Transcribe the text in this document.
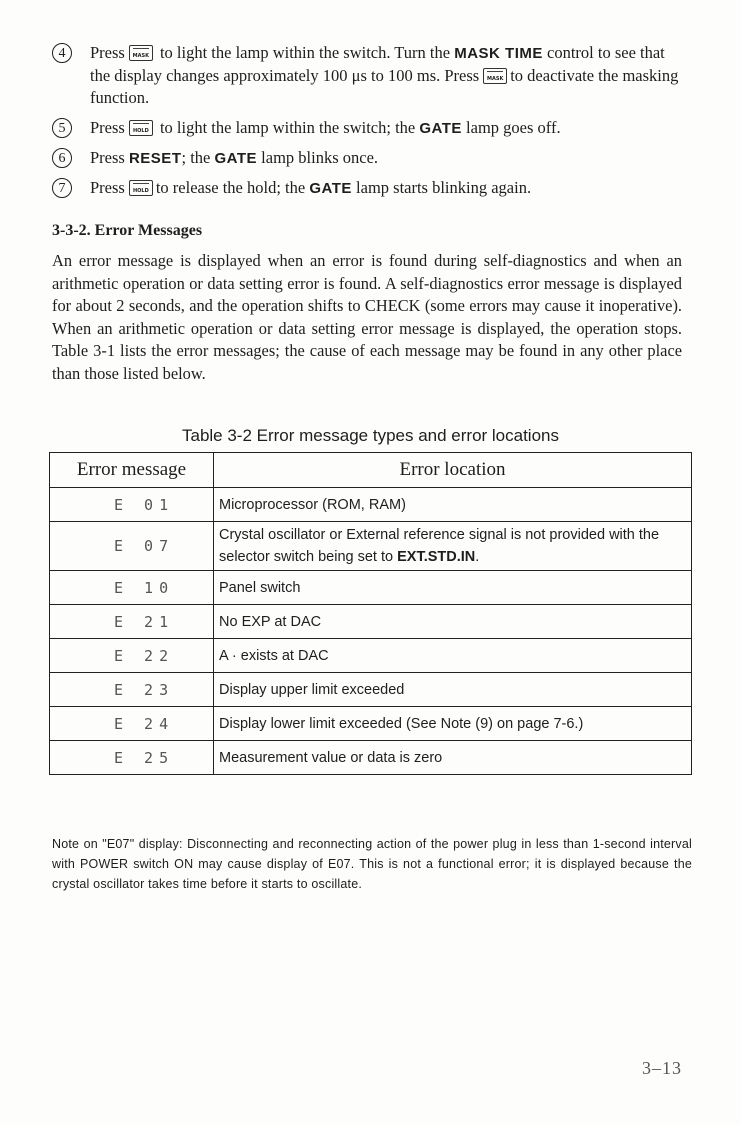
4	Press	MASK to light the lamp within the switch. Turn the MASK TIME control to see that the display changes approximately 100 μs to 100 ms. Press	MASK to deactivate the masking function.
5	Press	HOLD to light the lamp within the switch; the GATE lamp goes off.
6	Press RESET; the GATE lamp blinks once.
7	Press	HOLD to release the hold; the GATE lamp starts blinking again.
3-3-2. Error Messages
An error message is displayed when an error is found during self-diagnostics and when an arithmetic operation or data setting error is found. A self-diagnostics error message is displayed for about 2 seconds, and the operation shifts to CHECK (some errors may cause it inoperative). When an arithmetic operation or data setting error message is displayed, the operation stops. Table 3-1 lists the error messages; the cause of each message may be found in any other place than those listed below.
Table 3-2 Error message types and error locations
Error message	Error location
E 01	Microprocessor (ROM, RAM)
E 07	Crystal oscillator or External reference signal is not provided with the selector switch being set to EXT.STD.IN.
E 10	Panel switch
E 21	No EXP at DAC
E 22	A · exists at DAC
E 23	Display upper limit exceeded
E 24	Display lower limit exceeded (See Note (9) on page 7-6.)
E 25	Measurement value or data is zero
Note on "E07" display: Disconnecting and reconnecting action of the power plug in less than 1-second interval with POWER switch ON may cause display of E07. This is not a functional error; it is displayed because the crystal oscillator takes time before it starts to oscillate.
3–13
